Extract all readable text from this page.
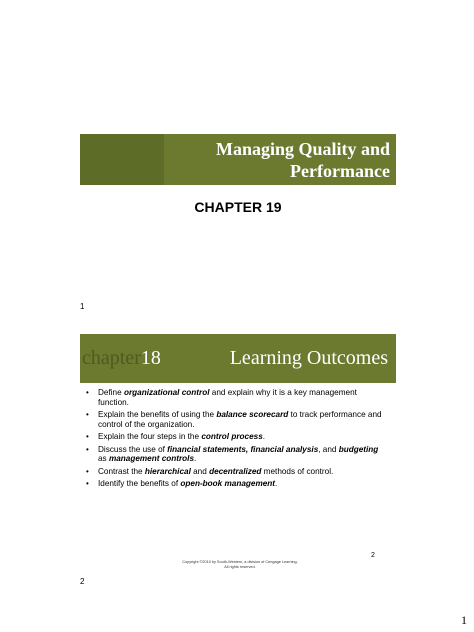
Managing Quality and
Performance
CHAPTER 19
1
chapter 18	Learning Outcomes
• Define organizational control and explain why it is a key management function.
• Explain the benefits of using the balance scorecard to track performance and control of the organization.
• Explain the four steps in the control process.
• Discuss the use of financial statements, financial analysis, and budgeting as management controls.
• Contrast the hierarchical and decentralized methods of control.
• Identify the benefits of open-book management.
2
Copyright ©2010 by South-Western, a division of Cengage Learning. All rights reserved.
2
1
